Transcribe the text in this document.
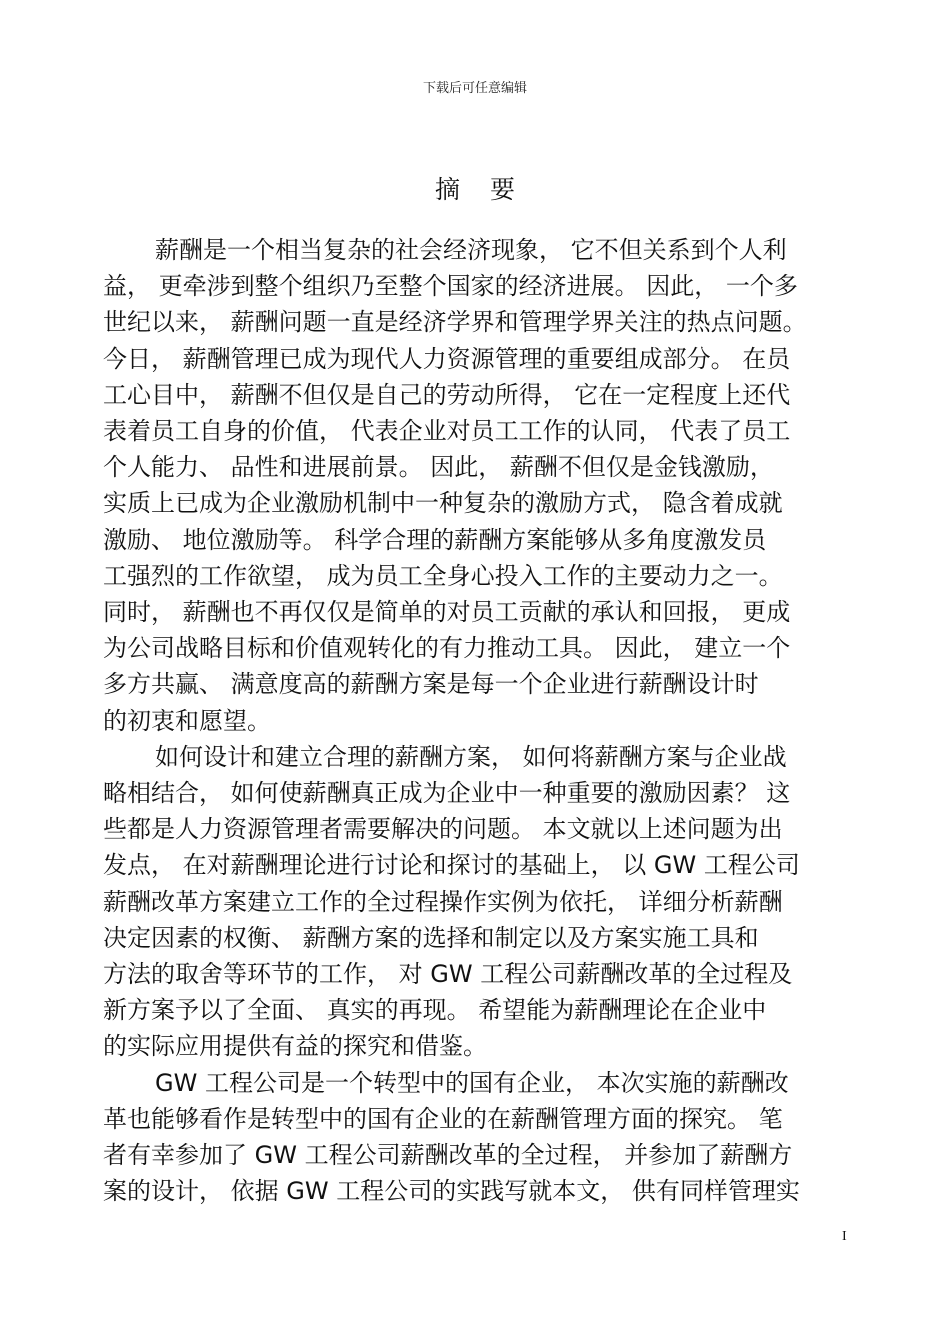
下载后可任意编辑
摘要

薪酬是一个相当复杂的社会经济现象， 它不但关系到个人利
益， 更牵涉到整个组织乃至整个国家的经济进展。 因此， 一个多
世纪以来， 薪酬问题一直是经济学界和管理学界关注的热点问题。
今日， 薪酬管理已成为现代人力资源管理的重要组成部分。 在员
工心目中， 薪酬不但仅是自己的劳动所得， 它在一定程度上还代
表着员工自身的价值， 代表企业对员工工作的认同， 代表了员工
个人能力、 品性和进展前景。 因此， 薪酬不但仅是金钱激励，
实质上已成为企业激励机制中一种复杂的激励方式， 隐含着成就
激励、 地位激励等。 科学合理的薪酬方案能够从多角度激发员
工强烈的工作欲望， 成为员工全身心投入工作的主要动力之一。
同时， 薪酬也不再仅仅是简单的对员工贡献的承认和回报， 更成
为公司战略目标和价值观转化的有力推动工具。 因此， 建立一个
多方共赢、 满意度高的薪酬方案是每一个企业进行薪酬设计时
的初衷和愿望。

如何设计和建立合理的薪酬方案， 如何将薪酬方案与企业战
略相结合， 如何使薪酬真正成为企业中一种重要的激励因素？ 这
些都是人力资源管理者需要解决的问题。 本文就以上述问题为出
发点， 在对薪酬理论进行讨论和探讨的基础上， 以 GW 工程公司
薪酬改革方案建立工作的全过程操作实例为依托， 详细分析薪酬
决定因素的权衡、 薪酬方案的选择和制定以及方案实施工具和
方法的取舍等环节的工作， 对 GW 工程公司薪酬改革的全过程及
新方案予以了全面、 真实的再现。 希望能为薪酬理论在企业中
的实际应用提供有益的探究和借鉴。

GW 工程公司是一个转型中的国有企业， 本次实施的薪酬改
革也能够看作是转型中的国有企业的在薪酬管理方面的探究。 笔
者有幸参加了 GW 工程公司薪酬改革的全过程， 并参加了薪酬方
案的设计， 依据 GW 工程公司的实践写就本文， 供有同样管理实

I
